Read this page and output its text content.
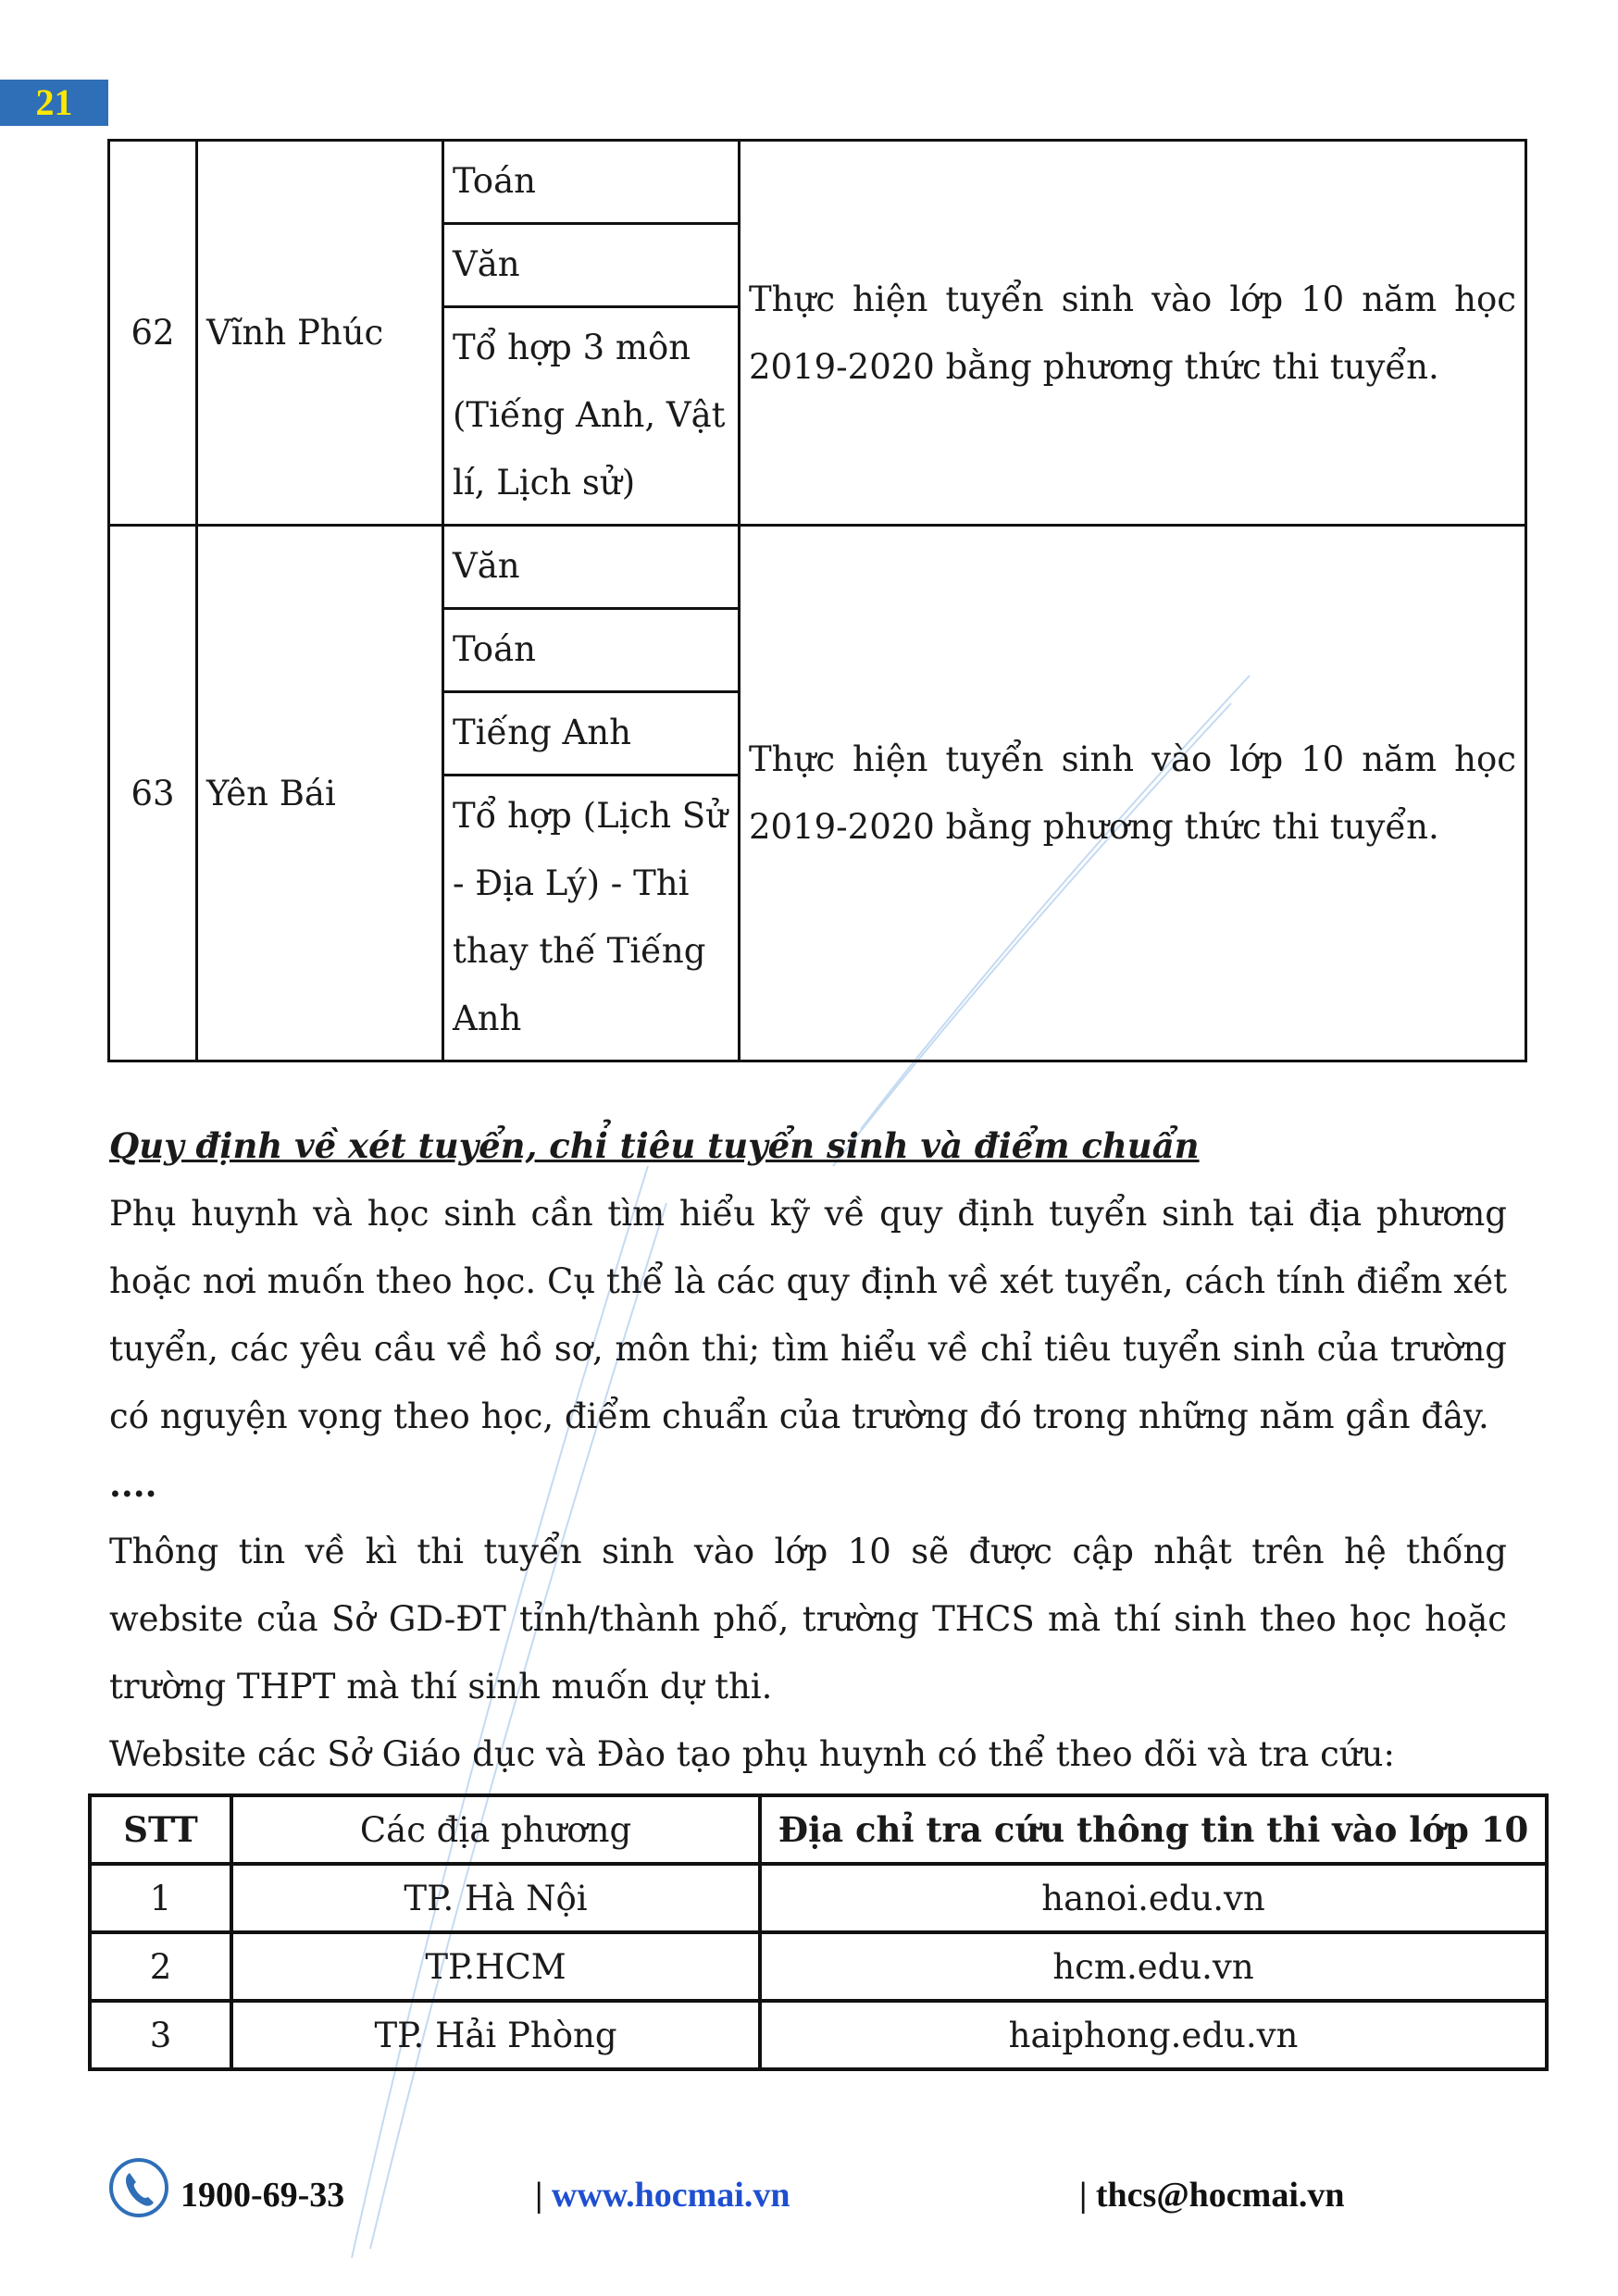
21
62	Vĩnh Phúc	Toán	Thực hiện tuyển sinh vào lớp 10 năm học 2019-2020 bằng phương thức thi tuyển.
		Văn	
		Tổ hợp 3 môn (Tiếng Anh, Vật lí, Lịch sử)	
63	Yên Bái	Văn	Thực hiện tuyển sinh vào lớp 10 năm học 2019-2020 bằng phương thức thi tuyển.
		Toán	
		Tiếng Anh	
		Tổ hợp (Lịch Sử - Địa Lý) - Thi thay thế Tiếng Anh	
Quy định về xét tuyển, chỉ tiêu tuyển sinh và điểm chuẩn
Phụ huynh và học sinh cần tìm hiểu kỹ về quy định tuyển sinh tại địa phương hoặc nơi muốn theo học. Cụ thể là các quy định về xét tuyển, cách tính điểm xét tuyển, các yêu cầu về hồ sơ, môn thi; tìm hiểu về chỉ tiêu tuyển sinh của trường có nguyện vọng theo học, điểm chuẩn của trường đó trong những năm gần đây.
....
Thông tin về kì thi tuyển sinh vào lớp 10 sẽ được cập nhật trên hệ thống website của Sở GD-ĐT tỉnh/thành phố, trường THCS mà thí sinh theo học hoặc trường THPT mà thí sinh muốn dự thi.
Website các Sở Giáo dục và Đào tạo phụ huynh có thể theo dõi và tra cứu:
STT	Các địa phương	Địa chỉ tra cứu thông tin thi vào lớp 10
1	TP. Hà Nội	hanoi.edu.vn
2	TP.HCM	hcm.edu.vn
3	TP. Hải Phòng	haiphong.edu.vn
1900-69-33	| www.hocmai.vn	| thcs@hocmai.vn
